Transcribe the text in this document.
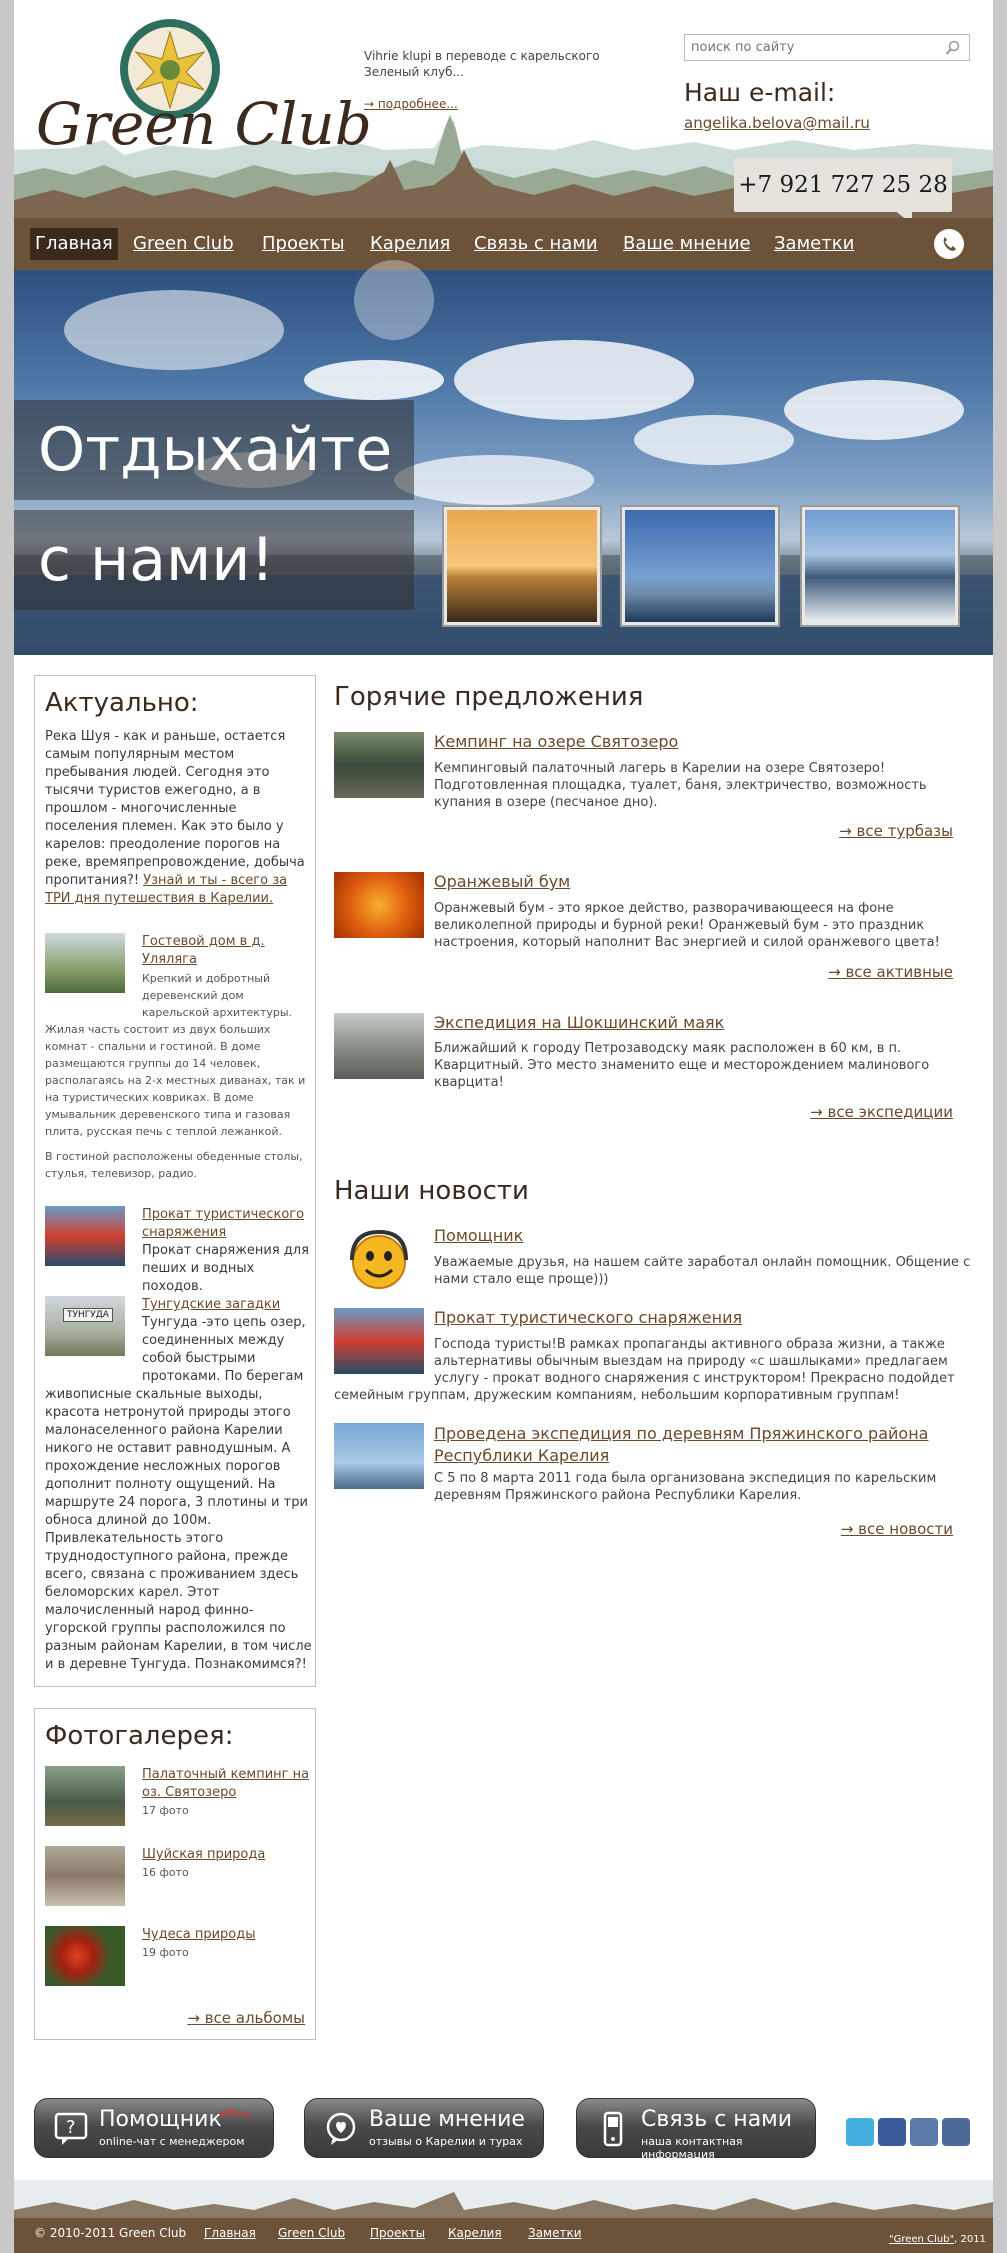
Green Club
Vihrie klupi в переводе с карельского Зеленый клуб...
→ подробнее...
поиск по сайту	Наш e-mail:
angelika.belova@mail.ru
+7 921 727 25 28
Главная Green Club Проекты Карелия Связь с нами Ваше мнение Заметки
Отдыхайте
с нами!
Актуально:

Река Шуя - как и раньше, остается самым популярным местом пребывания людей. Сегодня это тысячи туристов ежегодно, а в прошлом - многочисленные поселения племен. Как это было у карелов: преодоление порогов на реке, времяпрепровождение, добыча пропитания?! Узнай и ты - всего за ТРИ дня путешествия в Карелии.

Гостевой дом в д. Уляляга
Крепкий и добротный деревенский дом карельской архитектуры.
Жилая часть состоит из двух больших комнат - спальни и гостиной. В доме размещаются группы до 14 человек, располагаясь на 2-х местных диванах, так и на туристических ковриках. В доме умывальник деревенского типа и газовая плита, русская печь с теплой лежанкой.
В гостиной расположены обеденные столы, стулья, телевизор, радио.
Прокат туристического снаряжения
Прокат снаряжения для пеших и водных походов.
ТУНГУДА
Тунгудские загадки

Тунгуда -это цепь озер, соединенных между собой быстрыми протоками. По берегам живописные скальные выходы, красота нетронутой природы этого малонаселенного района Карелии никого не оставит равнодушным. А прохождение несложных порогов дополнит полноту ощущений. На маршруте 24 порога, 3 плотины и три обноса длиной до 100м. Привлекательность этого труднодоступного района, прежде всего, связана с проживанием здесь беломорских карел. Этот малочисленный народ финно-угорской группы расположился по разным районам Карелии, в том числе и в деревне Тунгуда. Познакомимся?!

Фотогалерея:
Палаточный кемпинг на оз. Святозеро
17 фото
Шуйская природа
16 фото
Чудеса природы
19 фото
→ все альбомы
Горячие предложения
Кемпинг на озере Святозеро
Кемпинговый палаточный лагерь в Карелии на озере Святозеро! Подготовленная площадка, туалет, баня, электричество, возможность купания в озере (песчаное дно).
→ все турбазы
Оранжевый бум
Оранжевый бум - это яркое действо, разворачивающееся на фоне великолепной природы и бурной реки! Оранжевый бум - это праздник настроения, который наполнит Вас энергией и силой оранжевого цвета!
→ все активные
Экспедиция на Шокшинский маяк
Ближайший к городу Петрозаводску маяк расположен в 60 км, в п. Кварцитный. Это место знаменито еще и месторождением малинового кварцита!
→ все экспедиции
Наши новости
Помощник
Уважаемые друзья, на нашем сайте заработал онлайн помощник. Общение с нами стало еще проще)))
Прокат туристического снаряжения

Господа туристы!В рамках пропаганды активного образа жизни, а также альтернативы обычным выездам на природу «с шашлыками» предлагаем услугу - прокат водного снаряжения с инструктором! Прекрасно подойдет семейным группам, дружеским компаниям, небольшим корпоративным группам!

Проведена экспедиция по деревням Пряжинского района Республики Карелия

С 5 по 8 марта 2011 года была организована экспедиция по карельским деревням Пряжинского района Республики Карелия.

→ все новости
? Помощник
offline
online-чат с менеджером
Ваше мнение
отзывы о Карелии и турах
Связь с нами
наша контактная информация
© 2010-2011 Green Club Главная Green Club Проекты Карелия Заметки	"Green Club", 2011
